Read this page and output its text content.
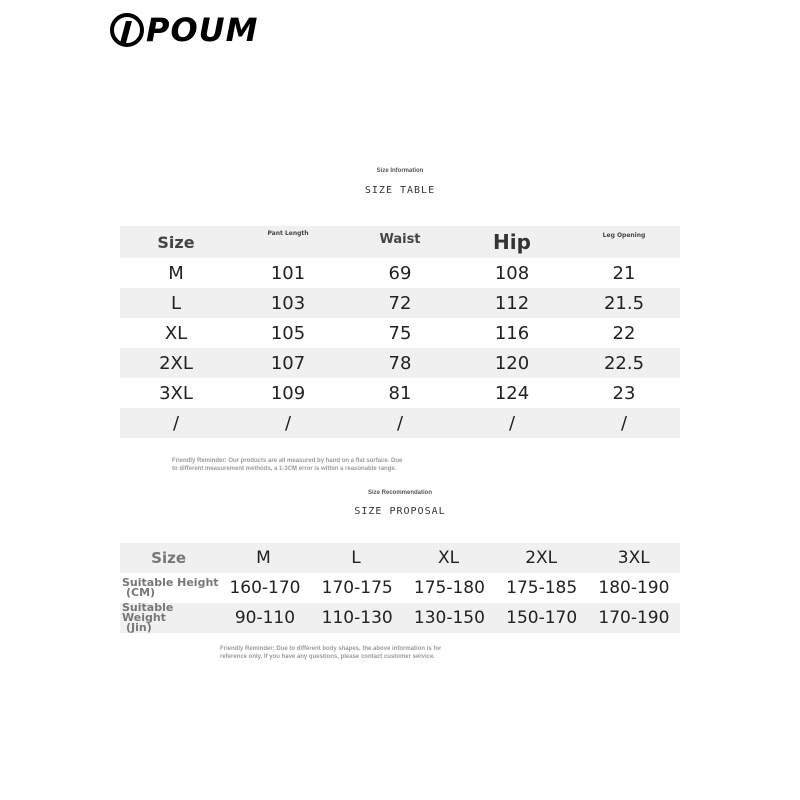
POUM
Size Information
SIZE TABLE
Size	Pant Length	Waist	Hip	Leg Opening
M	101	69	108	21
L	103	72	112	21.5
XL	105	75	116	22
2XL	107	78	120	22.5
3XL	109	81	124	23
/	/	/	/	/
Friendly Reminder: Our products are all measured by hand on a flat surface. Due
to different measurement methods, a 1-3CM error is within a reasonable range.
Size Recommendation
SIZE PROPOSAL
Size	M	L	XL	2XL	3XL
Suitable Height
(CM)	160-170	170-175	175-180	175-185	180-190
Suitable Weight
(Jin)	90-110	110-130	130-150	150-170	170-190
Friendly Reminder: Due to different body shapes, the above information is for
reference only. If you have any questions, please contact customer service.
